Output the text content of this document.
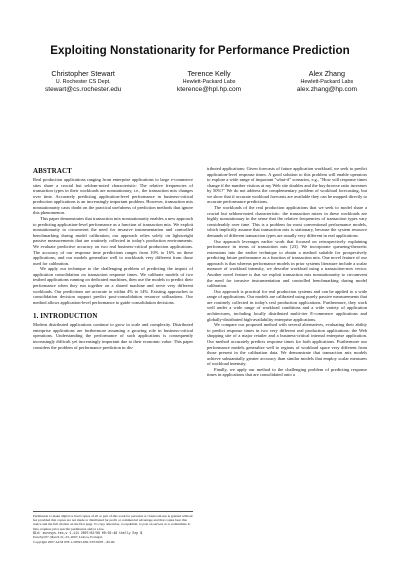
Exploiting Nonstationarity for Performance Prediction
Christopher Stewart
U. Rochester CS Dept.
stewart@cs.rochester.edu
Terence Kelly
Hewlett-Packard Labs
kterence@hpl.hp.com
Alex Zhang
Hewlett-Packard Labs
alex.zhang@hp.com
ABSTRACT

Real production applications ranging from enterprise applications to large e-commerce sites share a crucial but seldom-noted characteristic: The relative frequencies of transaction types in their workloads are nonstationary, i.e., the transaction mix changes over time. Accurately predicting application-level performance in business-critical production applications is an increasingly important problem. However, transaction mix nonstationarity casts doubt on the practical usefulness of prediction methods that ignore this phenomenon.

This paper demonstrates that transaction mix nonstationarity enables a new approach to predicting application-level performance as a function of transaction mix. We exploit nonstationarity to circumvent the need for invasive instrumentation and controlled benchmarking during model calibration; our approach relies solely on lightweight passive measurements that are routinely collected in today's production environments. We evaluate predictive accuracy on two real business-critical production applications. The accuracy of our response time predictions ranges from 10% to 16% on these applications, and our models generalize well to workloads very different from those used for calibration.

We apply our technique to the challenging problem of predicting the impact of application consolidation on transaction response times. We calibrate models of two testbed applications running on dedicated machines, then use the models to predict their performance when they run together on a shared machine and serve very different workloads. Our predictions are accurate to within 4% to 14%. Existing approaches to consolidation decision support predict post-consolidation resource utilizations. Our method allows application-level performance to guide consolidation decisions.

1. INTRODUCTION

Modern distributed applications continue to grow in scale and complexity. Distributed enterprise applications are furthermore assuming a growing role in business-critical operations. Understanding the performance of such applications is consequently increasingly difficult yet increasingly important due to their economic value. This paper considers the problem of performance prediction in dis-

Permission to make digital or hard copies of all or part of this work for personal or classroom use is granted without fee provided that copies are not made or distributed for profit or commercial advantage and that copies bear this notice and the full citation on the first page. To copy otherwise, to republish, to post on servers or to redistribute to lists, requires prior specific permission and/or a fee.

$Id: eurosys.tex,v 1.111 2007/02/09 00:02:48 tkelly Exp $

EuroSys'07, March 21–23, 2007, Lisboa, Portugal.

Copyright 2007 ACM 978-1-59593-636-3/07/0003 ...$5.00.

tributed applications: Given forecasts of future application workload, we seek to predict application-level response times. A good solution to this problem will enable operators to explore a wide range of important "what-if" scenarios, e.g., "How will response times change if the number visitors at my Web site doubles and the buy:browse ratio increases by 50%?" We do not address the complementary problem of workload forecasting, but we show that if accurate workload forecasts are available they can be mapped directly to accurate performance predictions.

The workloads of the real production applications that we seek to model share a crucial but seldom-noted characteristic: the transaction mixes in these workloads are highly nonstationary in the sense that the relative frequencies of transaction types vary considerably over time. This is a problem for most conventional performance models, which implicitly assume that transaction mix is stationary, because the system resource demands of different transaction types are usually very different in real applications.

Our approach leverages earlier work that focused on retrospectively explaining performance in terms of transaction mix [23]. We incorporate queueing-theoretic extensions into the earlier technique to obtain a method suitable for prospectively predicting future performance as a function of transaction mix. One novel feature of our approach is that whereas performance models in prior systems literature include a scalar measure of workload intensity, we describe workload using a transaction-mix vector. Another novel feature is that we exploit transaction mix nonstationarity to circumvent the need for invasive instrumentation and controlled benchmarking during model calibration.

Our approach is practical for real production systems and can be applied to a wide range of applications. Our models are calibrated using purely passive measurements that are routinely collected in today's real production applications. Furthermore, they work well under a wide range of workload conditions and a wide variety of application architectures, including locally distributed multi-tier E-commerce applications and globally-distributed high-availability enterprise applications.

We compare our proposed method with several alternatives, evaluating their ability to predict response times in two very different real production applications: the Web shopping site of a major retailer and a business-critical internal enterprise application. Our method accurately predicts response times for both applications. Furthermore our performance models generalize well to regions of workload space very different from those present in the calibration data. We demonstrate that transaction mix models achieve substantially greater accuracy than similar models that employ scalar measures of workload intensity.

Finally, we apply our method to the challenging problem of predicting response times in applications that are consolidated onto a
